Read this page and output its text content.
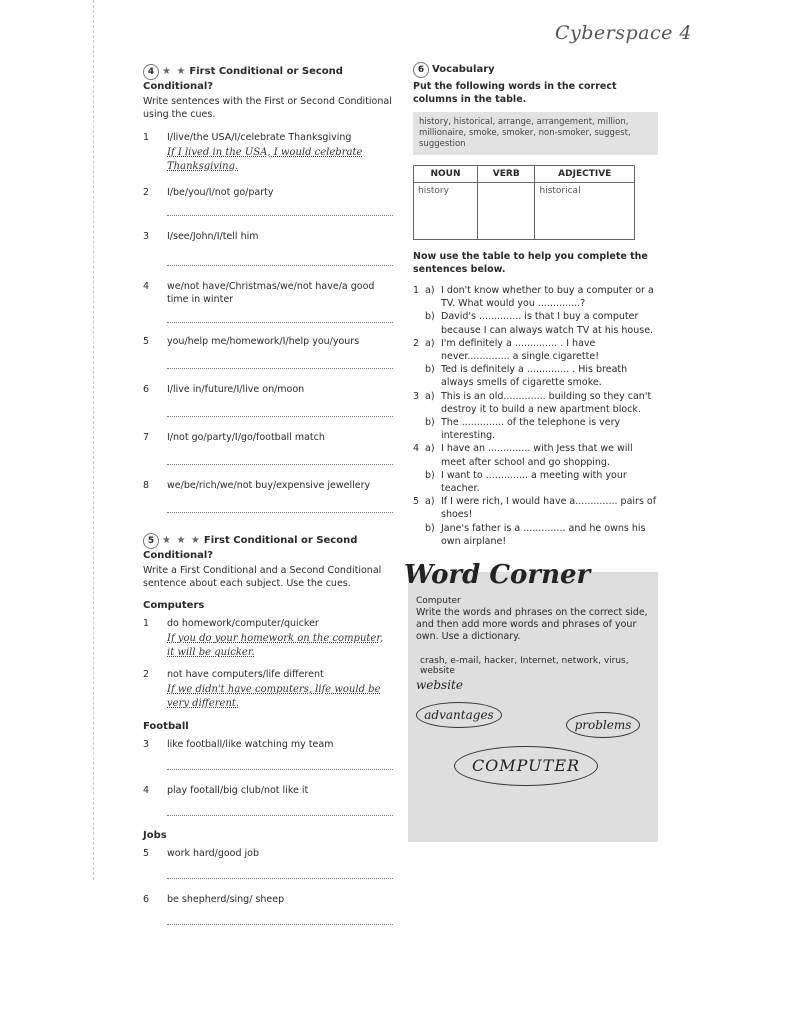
Cyberspace 4

4 ★ ★ First Conditional or Second Conditional?

Write sentences with the First or Second Conditional using the cues.

1 I/live/the USA/I/celebrate Thanksgiving
If I lived in the USA, I would celebrate Thanksgiving.
2 I/be/you/I/not go/party
3 I/see/John/I/tell him
4 we/not have/Christmas/we/not have/a good time in winter
5 you/help me/homework/I/help you/yours
6 I/live in/future/I/live on/moon
7 I/not go/party/I/go/football match
8 we/be/rich/we/not buy/expensive jewellery

5 ★ ★ ★ First Conditional or Second Conditional?

Write a First Conditional and a Second Conditional sentence about each subject. Use the cues.

Computers
1 do homework/computer/quicker
If you do your homework on the computer, it will be quicker.
2 not have computers/life different
If we didn't have computers, life would be very different.
Football
3 like football/like watching my team
4 play footall/big club/not like it
Jobs
5 work hard/good job
6 be shepherd/sing/ sheep

6 Vocabulary

Put the following words in the correct columns in the table.

history, historical, arrange, arrangement, million, millionaire, smoke, smoker, non-smoker, suggest, suggestion
NOUN	VERB	ADJECTIVE
history		historical

Now use the table to help you complete the sentences below.

1 a) I don't know whether to buy a computer or a TV. What would you ..............?
b) David's .............. is that I buy a computer because I can always watch TV at his house.
2 a) I'm definitely a .............. . I have never.............. a single cigarette!
b) Ted is definitely a .............. . His breath always smells of cigarette smoke.
3 a) This is an old.............. building so they can't destroy it to build a new apartment block.
b) The .............. of the telephone is very interesting.
4 a) I have an .............. with Jess that we will meet after school and go shopping.
b) I want to .............. a meeting with your teacher.
5 a) If I were rich, I would have a.............. pairs of shoes!
b) Jane's father is a .............. and he owns his own airplane!
Word Corner
Computer
Write the words and phrases on the correct side, and then add more words and phrases of your own. Use a dictionary.
crash, e-mail, hacker, Internet, network, virus, website
website
advantages
problems
COMPUTER
